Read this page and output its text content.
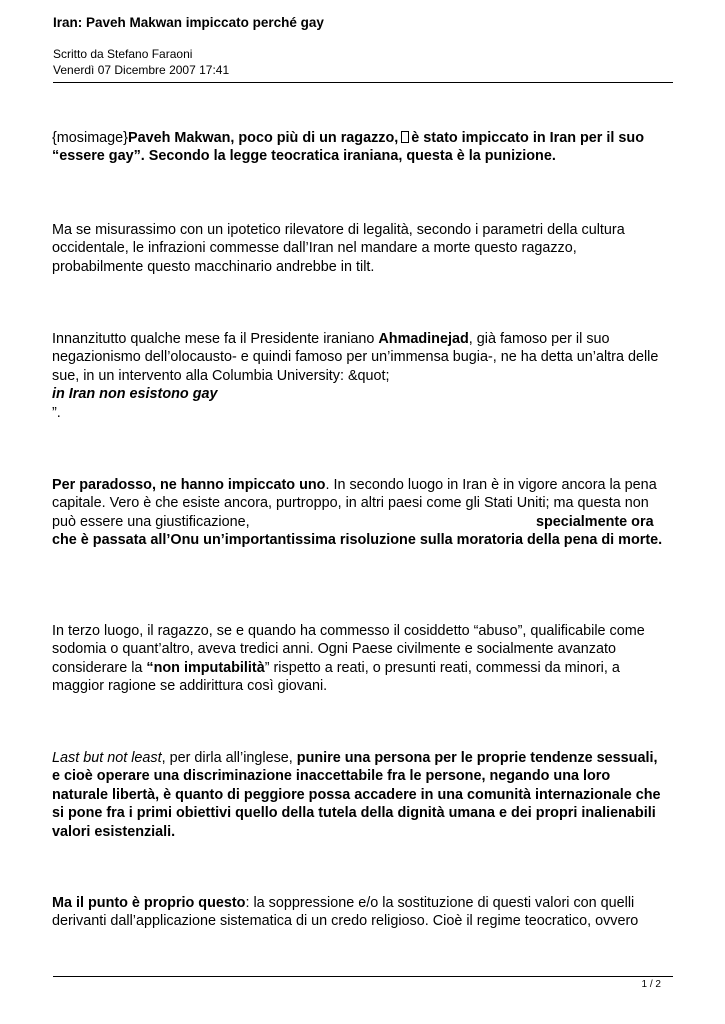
Iran: Paveh Makwan impiccato perché gay
Scritto da Stefano Faraoni
Venerdì 07 Dicembre 2007 17:41

{mosimage}Paveh Makwan, poco più di un ragazzo, è stato impiccato in Iran per il suo
“essere gay”. Secondo la legge teocratica iraniana, questa è la punizione.

Ma se misurassimo con un ipotetico rilevatore di legalità, secondo i parametri della cultura
occidentale, le infrazioni commesse dall’Iran nel mandare a morte questo ragazzo,
probabilmente questo macchinario andrebbe in tilt.

Innanzitutto qualche mese fa il Presidente iraniano Ahmadinejad, già famoso per il suo
negazionismo dell’olocausto- e quindi famoso per un’immensa bugia-, ne ha detta un’altra delle
sue, in un intervento alla Columbia University: &quot;
in Iran non esistono gay
”.

Per paradosso, ne hanno impiccato uno. In secondo luogo in Iran è in vigore ancora la pena
capitale. Vero è che esiste ancora, purtroppo, in altri paesi come gli Stati Uniti; ma questa non
può essere una giustificazione,	specialmente ora
che è passata all’Onu un’importantissima risoluzione sulla moratoria della pena di morte.

In terzo luogo, il ragazzo, se e quando ha commesso il cosiddetto “abuso”, qualificabile come
sodomia o quant’altro, aveva tredici anni. Ogni Paese civilmente e socialmente avanzato
considerare la “non imputabilità” rispetto a reati, o presunti reati, commessi da minori, a
maggior ragione se addirittura così giovani.

Last but not least, per dirla all’inglese, punire una persona per le proprie tendenze sessuali,
e cioè operare una discriminazione inaccettabile fra le persone, negando una loro
naturale libertà, è quanto di peggiore possa accadere in una comunità internazionale che
si pone fra i primi obiettivi quello della tutela della dignità umana e dei propri inalienabili
valori esistenziali.

Ma il punto è proprio questo: la soppressione e/o la sostituzione di questi valori con quelli
derivanti dall’applicazione sistematica di un credo religioso. Cioè il regime teocratico, ovvero

1 / 2
